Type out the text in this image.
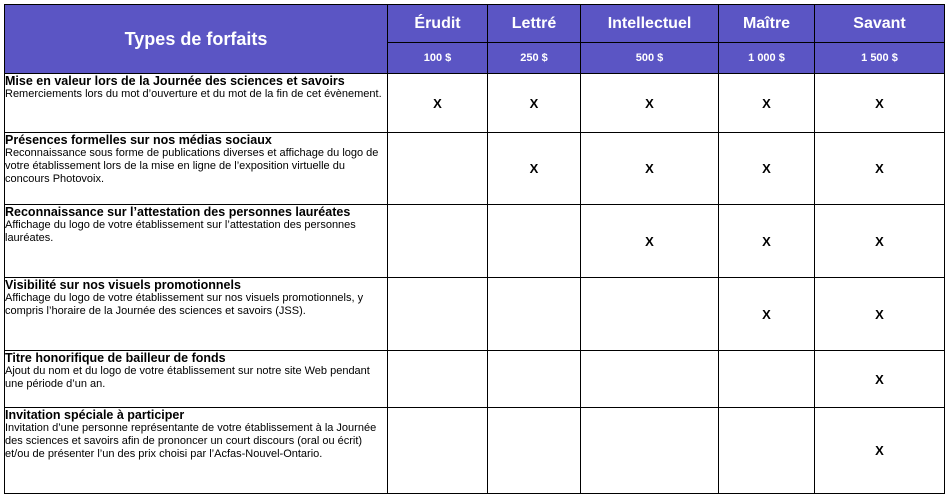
Types de forfaits	Érudit	Lettré	Intellectuel	Maître	Savant
	100 $	250 $	500 $	1 000 $	1 500 $

Mise en valeur lors de la Journée des sciences et savoirs
Remerciements lors du mot d’ouverture et du mot de la fin de cet évènement.	X	X	X	X	X

Présences formelles sur nos médias sociaux
Reconnaissance sous forme de publications diverses et affichage du logo de votre établissement lors de la mise en ligne de l’exposition virtuelle du concours Photovoix.		X	X	X	X

Reconnaissance sur l’attestation des personnes lauréates
Affichage du logo de votre établissement sur l’attestation des personnes lauréates.			X	X	X

Visibilité sur nos visuels promotionnels
Affichage du logo de votre établissement sur nos visuels promotionnels, y compris l’horaire de la Journée des sciences et savoirs (JSS).				X	X

Titre honorifique de bailleur de fonds
Ajout du nom et du logo de votre établissement sur notre site Web pendant une période d’un an.					X

Invitation spéciale à participer
Invitation d’une personne représentante de votre établissement à la Journée des sciences et savoirs afin de prononcer un court discours (oral ou écrit) et/ou de présenter l’un des prix choisi par l’Acfas-Nouvel-Ontario.					X
